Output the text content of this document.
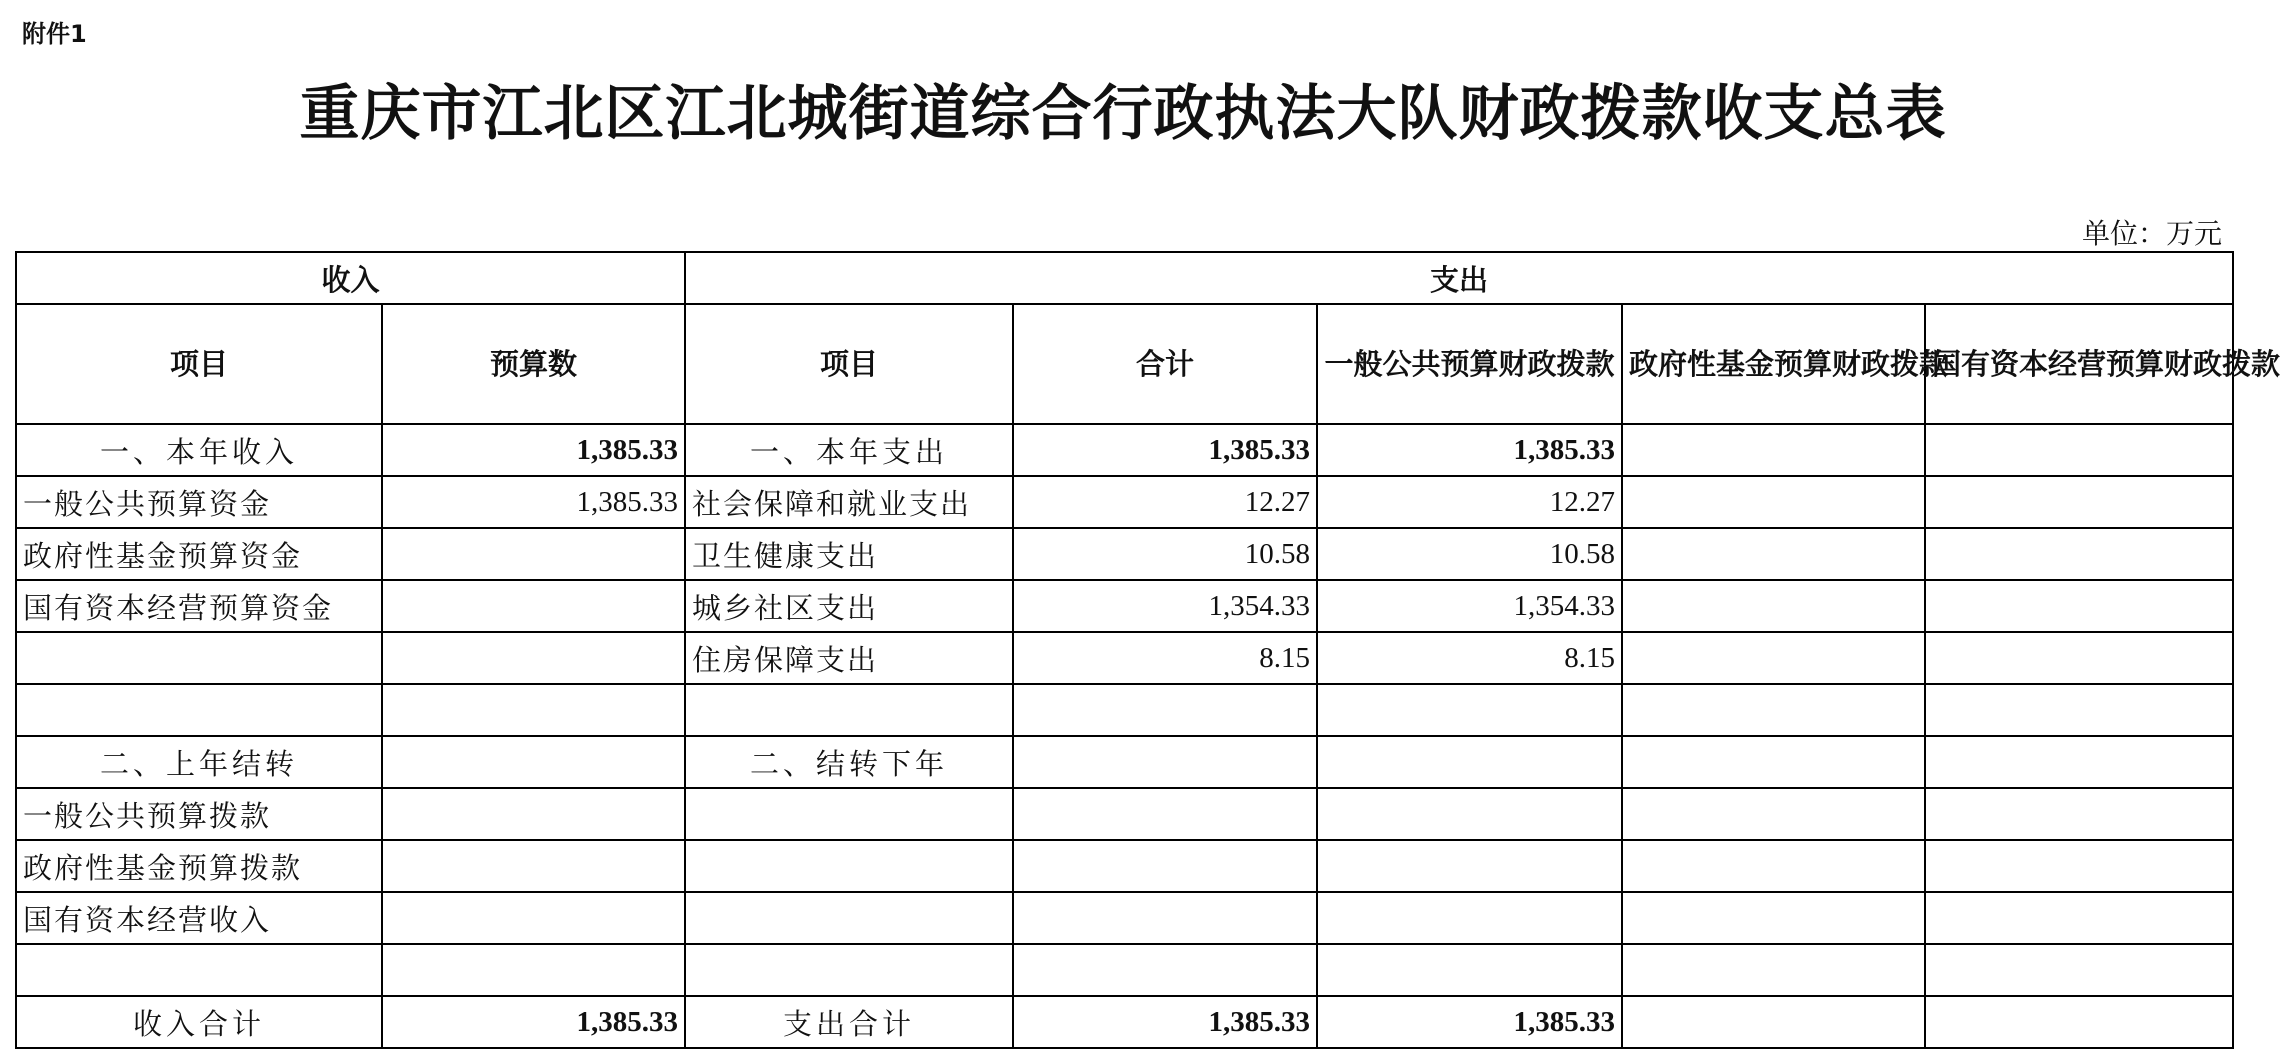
附件1
重庆市江北区江北城街道综合行政执法大队财政拨款收支总表
单位：万元
收入		支出				
项目	预算数	项目	合计	一般公共预算财政拨款	政府性基金预算财政拨款	国有资本经营预算财政拨款
一、本年收入	1,385.33	一、本年支出	1,385.33	1,385.33		
一般公共预算资金	1,385.33	社会保障和就业支出	12.27	12.27		
政府性基金预算资金		卫生健康支出	10.58	10.58		
国有资本经营预算资金		城乡社区支出	1,354.33	1,354.33		
		住房保障支出	8.15	8.15		

二、上年结转		二、结转下年				
一般公共预算拨款						
政府性基金预算拨款						
国有资本经营收入						

收入合计	1,385.33	支出合计	1,385.33	1,385.33		
